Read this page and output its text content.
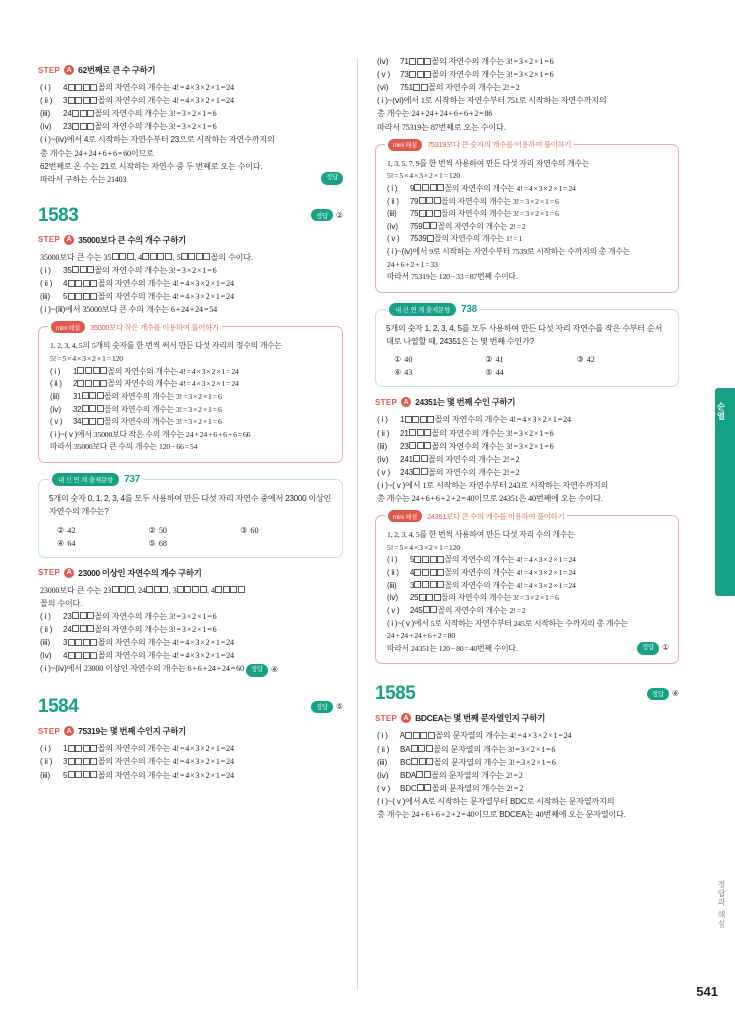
STEP A 62번째로 큰 수 구하기
( i ) 4	꼴의 자연수의 개수는 4!=4×3×2×1=24
( ii ) 3	꼴의 자연수의 개수는 4!=4×3×2×1=24
(ⅲ) 24	꼴의 자연수의 개수는 3!=3×2×1=6
(ⅳ) 23	꼴의 자연수의 개수는 3!=3×2×1=6
( i )~(ⅳ)에서 4로 시작하는 자연수부터 23으로 시작하는 자연수까지의
총 개수는 24+24+6+6=60이므로
62번째로 온 수는 21로 시작하는 자연수 중 두 번째로 오는 수이다.
따라서 구하는 수는 21403	정답
1583	정답	②
STEP A 35000보다 큰 수의 개수 구하기
35000보다 큰 수는 35	, 4	, 5	꼴의 수이다.
( i ) 35	꼴의 자연수의 개수는 3!=3×2×1=6
( ii ) 4	꼴의 자연수의 개수는 4!=4×3×2×1=24
(ⅲ) 5	꼴의 자연수의 개수는 4!=4×3×2×1=24
( i )~(ⅲ)에서 35000보다 큰 수의 개수는 6+24+24=54
mini 해설	35000보다 작은 개수를 이용하여 풀이하기
1, 2, 3, 4, 5의 5개의 숫자를 한 번씩 써서 만든 다섯 자리의 정수의 개수는
5!=5×4×3×2×1=120
( i ) 1	꼴의 자연수의 개수는 4!=4×3×2×1=24
( ii ) 2	꼴의 자연수의 개수는 4!=4×3×2×1=24
(ⅲ) 31	꼴의 자연수의 개수는 3!=3×2×1=6
(ⅳ) 32	꼴의 자연수의 개수는 3!=3×2×1=6
( v ) 34	꼴의 자연수의 개수는 3!=3×2×1=6
( i )~( v )에서 35000보다 작은 수의 개수는 24+24+6+6+6=66
따라서 35000보다 큰 수의 개수는 120−66=54
내 신 연 계 출제문항	737
5개의 숫자 0, 1, 2, 3, 4를 모두 사용하여 만든 다섯 자리 자연수 중에서 23000 이상인 자연수의 개수는?
② 42	② 50	③ 60
④ 64	⑤ 68
STEP A 23000 이상인 자연수의 개수 구하기
23000보다 큰 수는 23	, 24	, 3	, 4
꼴의 수이다.
( i ) 23	꼴의 자연수의 개수는 3!=3×2×1=6
( ii ) 24	꼴의 자연수의 개수는 3!=3×2×1=6
(ⅲ) 3	꼴의 자연수의 개수는 4!=4×3×2×1=24
(ⅳ) 4	꼴의 자연수의 개수는 4!=4×3×2×1=24
( i )~(ⅳ)에서 23000 이상인 자연수의 개수는 6+6+24+24=60	정답	④
1584	정답	⑤
STEP A 75319는 몇 번째 수인지 구하기
( i ) 1	꼴의 자연수의 개수는 4!=4×3×2×1=24
( ii ) 3	꼴의 자연수의 개수는 4!=4×3×2×1=24
(ⅲ) 5	꼴의 자연수의 개수는 4!=4×3×2×1=24
(ⅳ) 71	꼴의 자연수의 개수는 3!=3×2×1=6
( v ) 73	꼴의 자연수의 개수는 3!=3×2×1=6
(ⅵ) 751 꼴의 자연수의 개수는 2!=2
( i )~(ⅵ)에서 1로 시작하는 자연수부터 751로 시작하는 자연수까지의
총 개수는 24+24+24+6+6+2=86
따라서 75319는 87번째로 오는 수이다.
mini 해설	75319보다 큰 숫자의 개수를 이용하여 풀이하기
1, 3, 5, 7, 9를 한 번씩 사용하여 만든 다섯 자리 자연수의 개수는
5!=5×4×3×2×1=120
( i ) 9	꼴의 자연수의 개수는 4!=4×3×2×1=24
( ii ) 79	꼴의 자연수의 개수는 3!=3×2×1=6
(ⅲ) 75	꼴의 자연수의 개수는 3!=3×2×1=6
(ⅳ) 759 꼴의 자연수의 개수는 2!=2
( v ) 7539 꼴의 자연수의 개수는 1!=1
( i )~(ⅳ)에서 9로 시작하는 자연수부터 7539로 시작하는 수까지의 총 개수는
24+6+2+1=33
따라서 75319는 120−33=87번째 수이다.
내 신 연 계 출제문항	738
5개의 숫자 1, 2, 3, 4, 5를 모두 사용하여 만든 다섯 자리 자연수를 작은 수부터 순서대로 나열할 때, 24351은 는 몇 번째 수인가?
① 40	② 41	③ 42
④ 43	⑤ 44
STEP A 24351는 몇 번째 수인 구하기
( i ) 1	꼴의 자연수의 개수는 4!=4×3×2×1=24
( ii ) 21	꼴의 자연수의 개수는 3!=3×2×1=6
(ⅲ) 23	꼴의 자연수의 개수는 3!=3×2×1=6
(ⅳ) 241 꼴의 자연수의 개수는 2!=2
( v ) 243 꼴의 자연수의 개수는 2!=2
( i )~( v )에서 1로 시작하는 자연수부터 243로 시작하는 자연수까지의
총 개수는 24+6+6+2+2=40이므로 24351은 40번째에 오는 수이다.
mini 해설	24351보다 큰 수의 개수를 이용하여 풀이하기
1, 2, 3, 4, 5를 한 번씩 사용하여 만든 다섯 자리 수의 개수는
5!=5×4×3×2×1=120
( i ) 5	꼴의 자연수의 개수는 4!=4×3×2×1=24
( ii ) 4	꼴의 자연수의 개수는 4!=4×3×2×1=24
(ⅲ) 3	꼴의 자연수의 개수는 4!=4×3×2×1=24
(ⅳ) 25	꼴의 자연수의 개수는 3!=3×2×1=6
( v ) 245 꼴의 자연수의 개수는 2!=2
( i )~( v )에서 5로 시작하는 자연수부터 245로 시작하는 수까지의 총 개수는
24+24+24+6+2=80
따라서 24351는 120−80=40번째 수이다.	정답	①
1585	정답	④
STEP A BDCEA는 몇 번째 문자열인지 구하기
( i ) A	꼴의 문자열의 개수는 4!=4×3×2×1=24
( ii ) BA	꼴의 문자열의 개수는 3!=3×2×1=6
(ⅲ) BC	꼴의 문자열의 개수는 3!=3×2×1=6
(ⅳ) BDA 꼴의 문자열의 개수는 2!=2
( v ) BDC 꼴의 문자열의 개수는 2!=2
( i )~( v )에서 A로 시작하는 문자열부터 BDC로 시작하는 문자열까지의
총 개수는 24+6+6+2+2=40이므로 BDCEA는 40번째에 오는 문자열이다.
순열
정답과 해설
541
